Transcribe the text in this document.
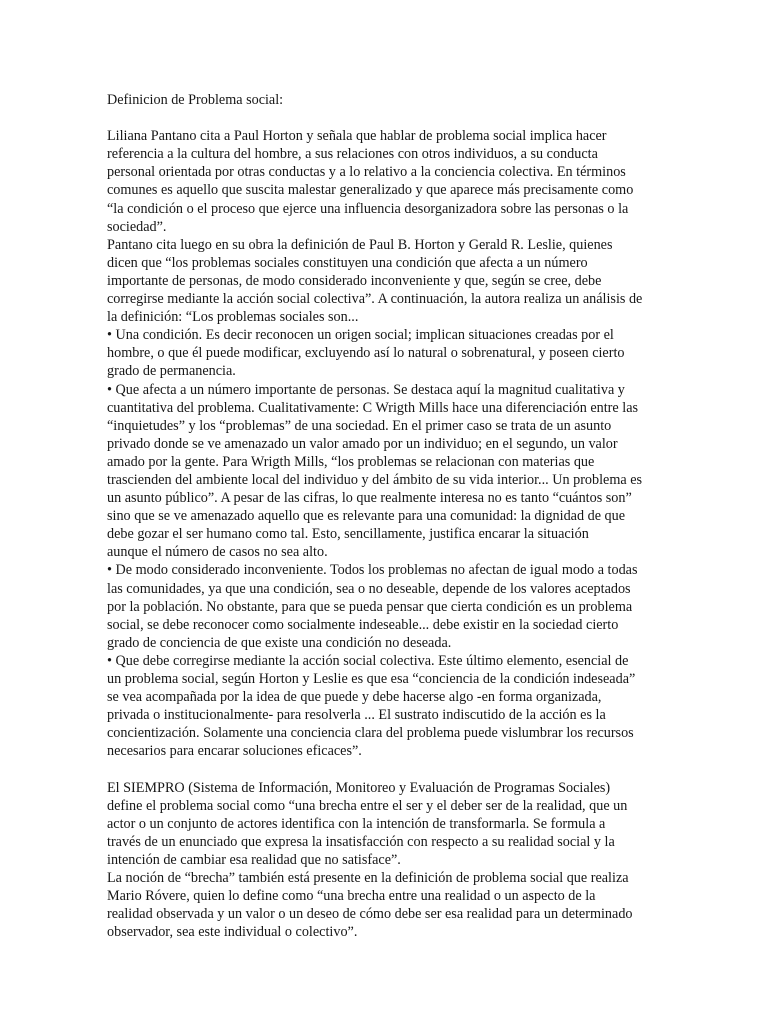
Definicion de Problema social:

Liliana Pantano cita a Paul Horton y señala que hablar de problema social implica hacer
referencia a la cultura del hombre, a sus relaciones con otros individuos, a su conducta
personal orientada por otras conductas y a lo relativo a la conciencia colectiva. En términos
comunes es aquello que suscita malestar generalizado y que aparece más precisamente como
“la condición o el proceso que ejerce una influencia desorganizadora sobre las personas o la
sociedad”.
Pantano cita luego en su obra la definición de Paul B. Horton y Gerald R. Leslie, quienes
dicen que “los problemas sociales constituyen una condición que afecta a un número
importante de personas, de modo considerado inconveniente y que, según se cree, debe
corregirse mediante la acción social colectiva”. A continuación, la autora realiza un análisis de
la definición: “Los problemas sociales son...
• Una condición. Es decir reconocen un origen social; implican situaciones creadas por el
hombre, o que él puede modificar, excluyendo así lo natural o sobrenatural, y poseen cierto
grado de permanencia.
• Que afecta a un número importante de personas. Se destaca aquí la magnitud cualitativa y
cuantitativa del problema. Cualitativamente: C Wrigth Mills hace una diferenciación entre las
“inquietudes” y los “problemas” de una sociedad. En el primer caso se trata de un asunto
privado donde se ve amenazado un valor amado por un individuo; en el segundo, un valor
amado por la gente. Para Wrigth Mills, “los problemas se relacionan con materias que
trascienden del ambiente local del individuo y del ámbito de su vida interior... Un problema es
un asunto público”. A pesar de las cifras, lo que realmente interesa no es tanto “cuántos son”
sino que se ve amenazado aquello que es relevante para una comunidad: la dignidad de que
debe gozar el ser humano como tal. Esto, sencillamente, justifica encarar la situación
aunque el número de casos no sea alto.
• De modo considerado inconveniente. Todos los problemas no afectan de igual modo a todas
las comunidades, ya que una condición, sea o no deseable, depende de los valores aceptados
por la población. No obstante, para que se pueda pensar que cierta condición es un problema
social, se debe reconocer como socialmente indeseable... debe existir en la sociedad cierto
grado de conciencia de que existe una condición no deseada.
• Que debe corregirse mediante la acción social colectiva. Este último elemento, esencial de
un problema social, según Horton y Leslie es que esa “conciencia de la condición indeseada”
se vea acompañada por la idea de que puede y debe hacerse algo -en forma organizada,
privada o institucionalmente- para resolverla ... El sustrato indiscutido de la acción es la
concientización. Solamente una conciencia clara del problema puede vislumbrar los recursos
necesarios para encarar soluciones eficaces”.
El SIEMPRO (Sistema de Información, Monitoreo y Evaluación de Programas Sociales)
define el problema social como “una brecha entre el ser y el deber ser de la realidad, que un
actor o un conjunto de actores identifica con la intención de transformarla. Se formula a
través de un enunciado que expresa la insatisfacción con respecto a su realidad social y la
intención de cambiar esa realidad que no satisface”.
La noción de “brecha” también está presente en la definición de problema social que realiza
Mario Róvere, quien lo define como “una brecha entre una realidad o un aspecto de la
realidad observada y un valor o un deseo de cómo debe ser esa realidad para un determinado
observador, sea este individual o colectivo”.
